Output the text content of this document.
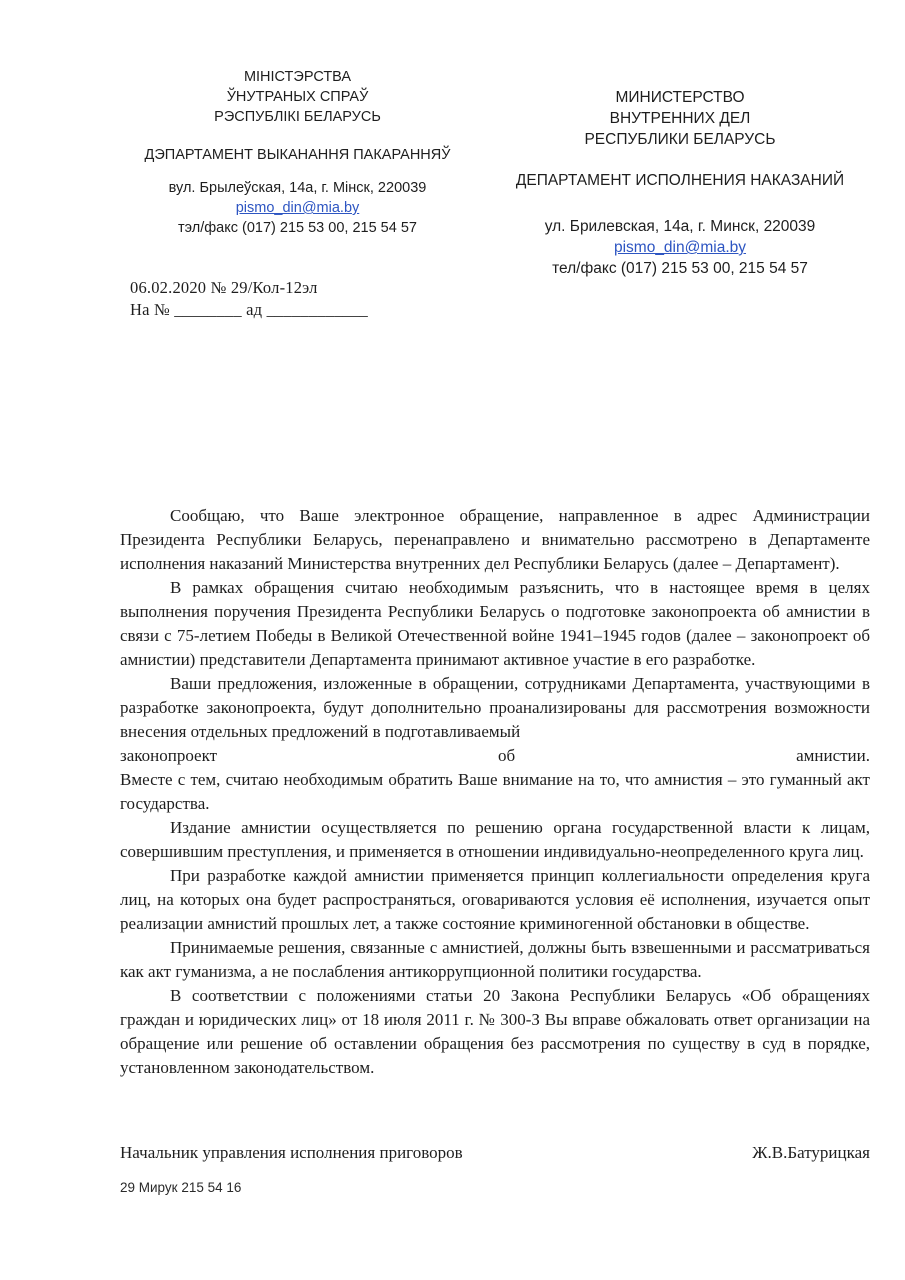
МІНІСТЭРСТВА
ЎНУТРАНЫХ СПРАЎ
РЭСПУБЛІКІ БЕЛАРУСЬ
ДЭПАРТАМЕНТ ВЫКАНАННЯ ПАКАРАННЯЎ
вул. Брылеўская, 14а, г. Мінск, 220039
pismo_din@mia.by
тэл/факс (017) 215 53 00, 215 54 57
МИНИСТЕРСТВО
ВНУТРЕННИХ ДЕЛ
РЕСПУБЛИКИ БЕЛАРУСЬ
ДЕПАРТАМЕНТ ИСПОЛНЕНИЯ НАКАЗАНИЙ
ул. Брилевская, 14а, г. Минск, 220039
pismo_din@mia.by
тел/факс (017) 215 53 00, 215 54 57
06.02.2020 № 29/Кол-12эл
На № ________ ад ____________
Сообщаю, что Ваше электронное обращение, направленное в адрес Администрации Президента Республики Беларусь, перенаправлено и внимательно рассмотрено в Департаменте исполнения наказаний Министерства внутренних дел Республики Беларусь (далее – Департамент).
В рамках обращения считаю необходимым разъяснить, что в настоящее время в целях выполнения поручения Президента Республики Беларусь о подготовке законопроекта об амнистии в связи с 75-летием Победы в Великой Отечественной войне 1941–1945 годов (далее – законопроект об амнистии) представители Департамента принимают активное участие в его разработке.
Ваши предложения, изложенные в обращении, сотрудниками Департамента, участвующими в разработке законопроекта, будут дополнительно проанализированы для рассмотрения возможности внесения отдельных предложений в подготавливаемый
законопроект об амнистии.
Вместе с тем, считаю необходимым обратить Ваше внимание на то, что амнистия – это гуманный акт государства.
Издание амнистии осуществляется по решению органа государственной власти к лицам, совершившим преступления, и применяется в отношении индивидуально-неопределенного круга лиц.
При разработке каждой амнистии применяется принцип коллегиальности определения круга лиц, на которых она будет распространяться, оговариваются условия её исполнения, изучается опыт реализации амнистий прошлых лет, а также состояние криминогенной обстановки в обществе.
Принимаемые решения, связанные с амнистией, должны быть взвешенными и рассматриваться как акт гуманизма, а не послабления антикоррупционной политики государства.
В соответствии с положениями статьи 20 Закона Республики Беларусь «Об обращениях граждан и юридических лиц» от 18 июля 2011 г. № 300-З Вы вправе обжаловать ответ организации на обращение или решение об оставлении обращения без рассмотрения по существу в суд в порядке, установленном законодательством.
Начальник управления исполнения приговоров	Ж.В.Батурицкая
29 Мирук 215 54 16
